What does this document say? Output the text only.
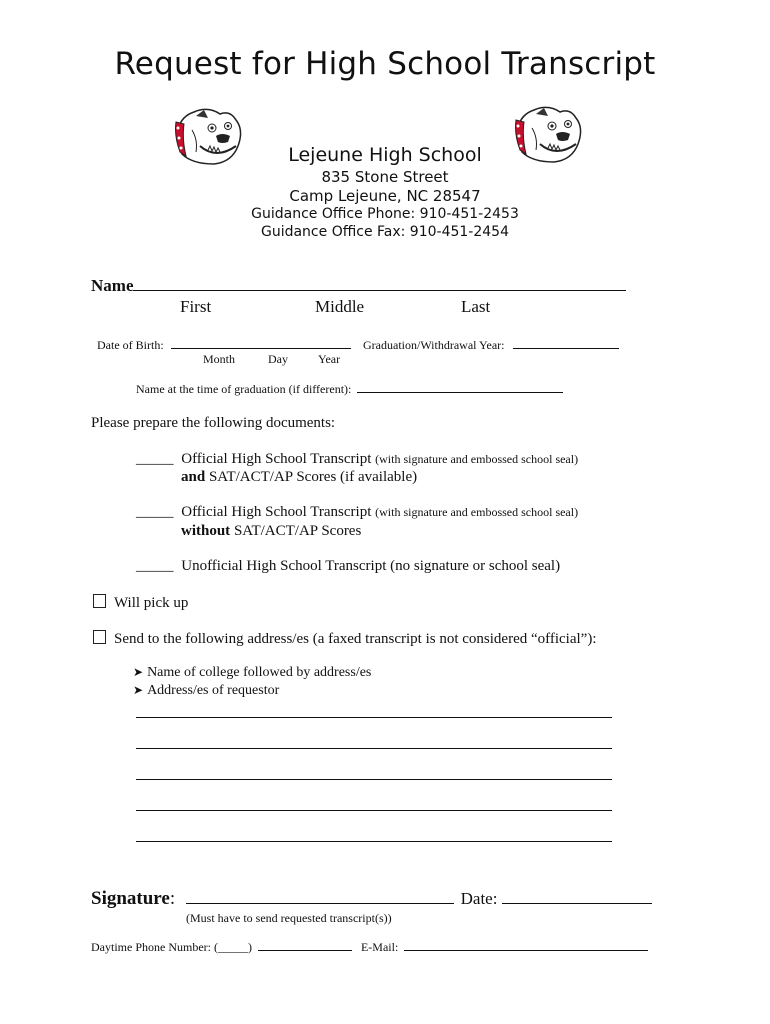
Request for High School Transcript
Lejeune High School
835 Stone Street
Camp Lejeune, NC 28547
Guidance Office Phone: 910-451-2453
Guidance Office Fax: 910-451-2454
Name
First	Middle	Last
Date of Birth:	Graduation/Withdrawal Year:
Month	Day	Year
Name at the time of graduation (if different):
Please prepare the following documents:
_____ Official High School Transcript (with signature and embossed school seal)
and SAT/ACT/AP Scores (if available)
_____ Official High School Transcript (with signature and embossed school seal)
without SAT/ACT/AP Scores
_____ Unofficial High School Transcript (no signature or school seal)
Will pick up
Send to the following address/es (a faxed transcript is not considered “official”):
➤ Name of college followed by address/es
➤ Address/es of requestor
Signature:	Date:
(Must have to send requested transcript(s))
Daytime Phone Number: (_____)	E-Mail:
